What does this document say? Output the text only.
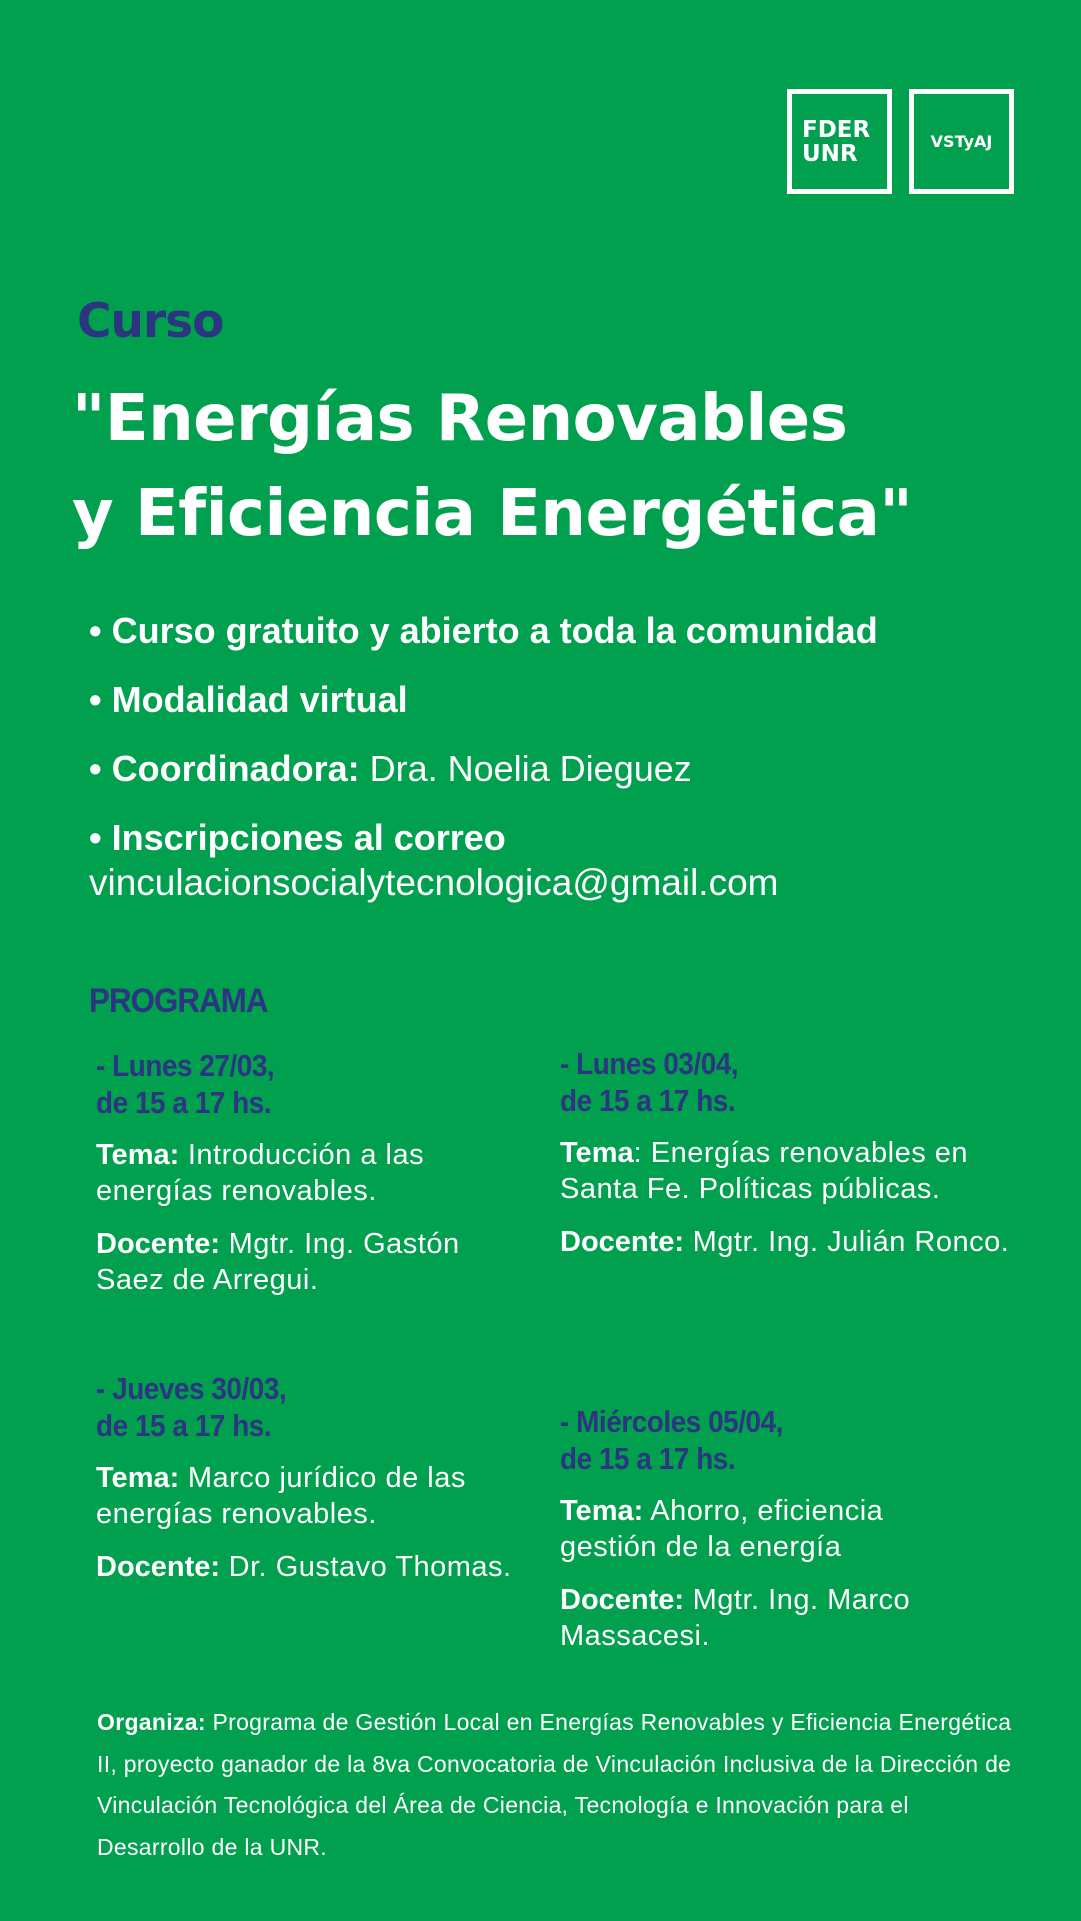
FDER
UNR	VSTyAJ
Curso
"Energías Renovables
y Eficiencia Energética"
• Curso gratuito y abierto a toda la comunidad
• Modalidad virtual
• Coordinadora: Dra. Noelia Dieguez
• Inscripciones al correo
vinculacionsocialytecnologica@gmail.com
PROGRAMA
- Lunes 27/03,
de 15 a 17 hs.
Tema: Introducción a las energías renovables.
Docente: Mgtr. Ing. Gastón Saez de Arregui.
- Lunes 03/04,
de 15 a 17 hs.
Tema: Energías renovables en Santa Fe. Políticas públicas.
Docente: Mgtr. Ing. Julián Ronco.
- Jueves 30/03,
de 15 a 17 hs.
Tema: Marco jurídico de las energías renovables.
Docente: Dr. Gustavo Thomas.
- Miércoles 05/04,
de 15 a 17 hs.
Tema: Ahorro, eficiencia gestión de la energía
Docente: Mgtr. Ing. Marco Massacesi.
Organiza: Programa de Gestión Local en Energías Renovables y Eficiencia Energética II, proyecto ganador de la 8va Convocatoria de Vinculación Inclusiva de la Dirección de Vinculación Tecnológica del Área de Ciencia, Tecnología e Innovación para el Desarrollo de la UNR.
